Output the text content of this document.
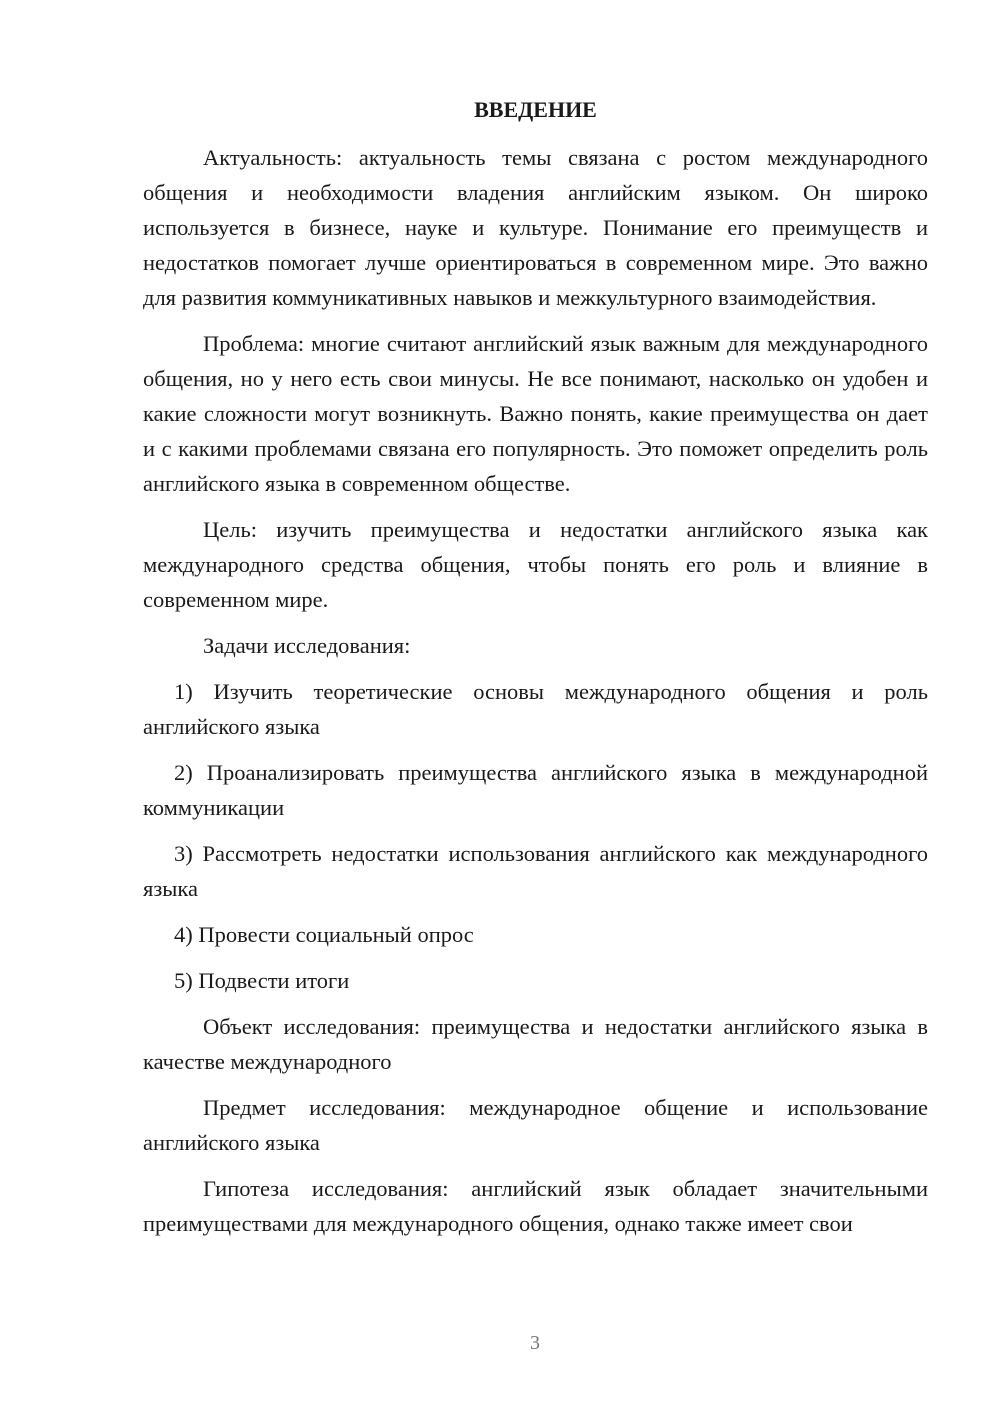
ВВЕДЕНИЕ

Актуальность: актуальность темы связана с ростом международного общения и необходимости владения английским языком. Он широко используется в бизнесе, науке и культуре. Понимание его преимуществ и недостатков помогает лучше ориентироваться в современном мире. Это важно для развития коммуникативных навыков и межкультурного взаимодействия.

Проблема: многие считают английский язык важным для международного общения, но у него есть свои минусы. Не все понимают, насколько он удобен и какие сложности могут возникнуть. Важно понять, какие преимущества он дает и с какими проблемами связана его популярность. Это поможет определить роль английского языка в современном обществе.

Цель: изучить преимущества и недостатки английского языка как международного средства общения, чтобы понять его роль и влияние в современном мире.

Задачи исследования:

1) Изучить теоретические основы международного общения и роль английского языка

2) Проанализировать преимущества английского языка в международной коммуникации

3) Рассмотреть недостатки использования английского как международного языка

4) Провести социальный опрос

5) Подвести итоги

Объект исследования: преимущества и недостатки английского языка в качестве международного

Предмет исследования: международное общение и использование английского языка

Гипотеза исследования: английский язык обладает значительными преимуществами для международного общения, однако также имеет свои

3
